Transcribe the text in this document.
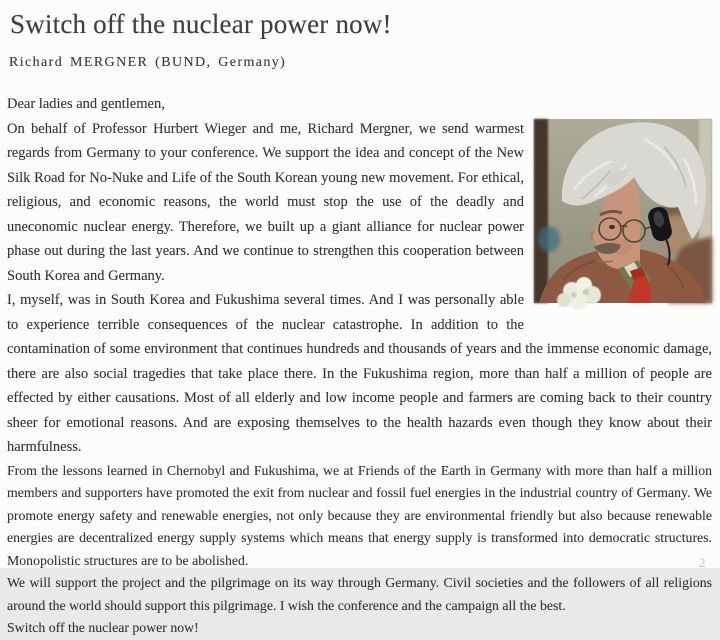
Switch off the nuclear power now!
Richard MERGNER (BUND, Germany)

Dear ladies and gentlemen,

On behalf of Professor Hurbert Wieger and me, Richard Mergner, we send warmest regards from Germany to your conference. We support the idea and concept of the New Silk Road for No-Nuke and Life of the South Korean young new movement. For ethical, religious, and economic reasons, the world must stop the use of the deadly and uneconomic nuclear energy. Therefore, we built up a giant alliance for nuclear power phase out during the last years. And we continue to strengthen this cooperation between South Korea and Germany.

I, myself, was in South Korea and Fukushima several times. And I was personally able to experience terrible consequences of the nuclear catastrophe. In addition to the contamination of some environment that continues hundreds and thousands of years and the immense economic damage, there are also social tragedies that take place there. In the Fukushima region, more than half a million of people are effected by either causations. Most of all elderly and low income people and farmers are coming back to their country sheer for emotional reasons. And are exposing themselves to the health hazards even though they know about their harmfulness.

From the lessons learned in Chernobyl and Fukushima, we at Friends of the Earth in Germany with more than half a million members and supporters have promoted the exit from nuclear and fossil fuel energies in the industrial country of Germany. We promote energy safety and renewable energies, not only because they are environmental friendly but also because renewable energies are decentralized energy supply systems which means that energy supply is transformed into democratic structures. Monopolistic structures are to be abolished.

We will support the project and the pilgrimage on its way through Germany. Civil societies and the followers of all religions around the world should support this pilgrimage. I wish the conference and the campaign all the best.

Switch off the nuclear power now!

2
